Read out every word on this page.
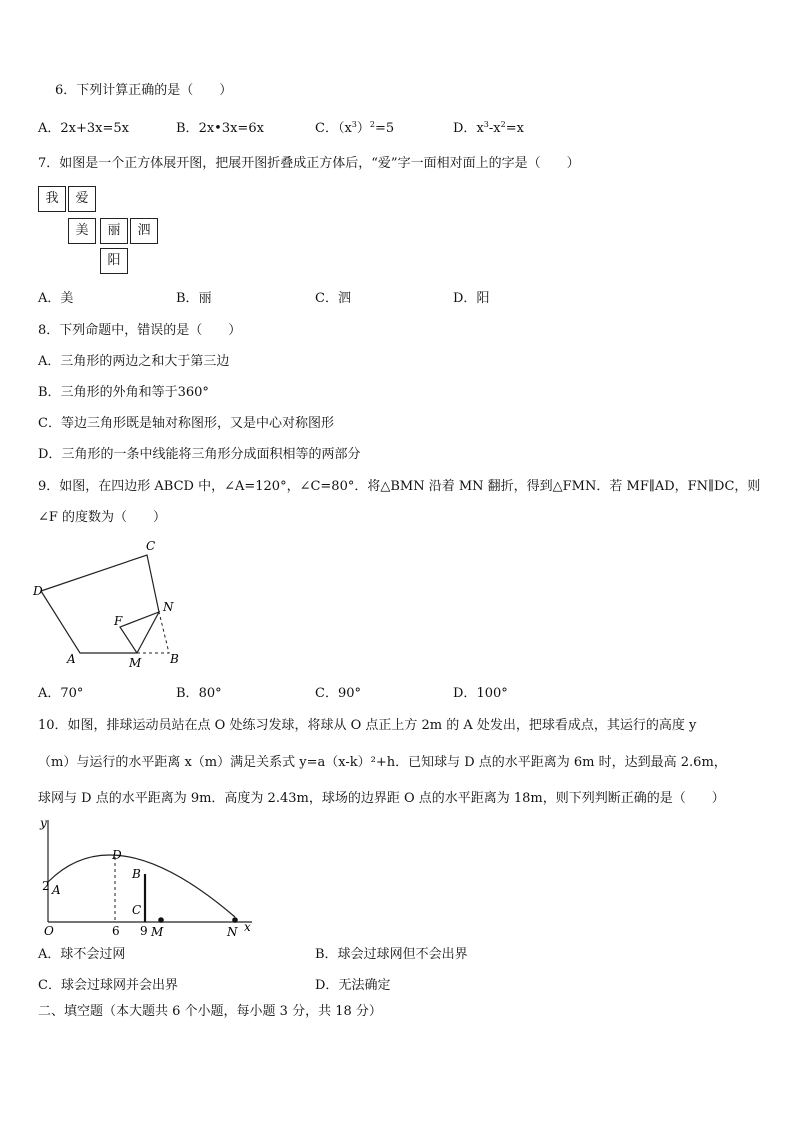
6．下列计算正确的是（　　）
A．2x+3x=5x	B．2x•3x=6x	C．$(x^3)^2=5$	D．$x^3-x^2=x$
7．如图是一个正方体展开图，把展开图折叠成正方体后，“爱”字一面相对面上的字是（　　）
我	爱
美	丽	泗
阳
A．美	B．丽	C．泗	D．阳
8．下列命题中，错误的是（　　）
A．三角形的两边之和大于第三边
B．三角形的外角和等于360°
C．等边三角形既是轴对称图形，又是中心对称图形
D．三角形的一条中线能将三角形分成面积相等的两部分
9．如图，在四边形 ABCD 中，∠A=120°，∠C=80°．将△BMN 沿着 MN 翻折，得到△FMN．若 MF∥AD，FN∥DC，则
∠F 的度数为（　　）
D
C
F
N
A	M B
A．70°	B．80°	C．90°	D．100°
10．如图，排球运动员站在点 O 处练习发球，将球从 O 点正上方 2m 的 A 处发出，把球看成点，其运行的高度 y
（m）与运行的水平距离 x（m）满足关系式 y=a（x-k）²+h．已知球与 D 点的水平距离为 6m 时，达到最高 2.6m，
球网与 D 点的水平距离为 9m．高度为 2.43m，球场的边界距 O 点的水平距离为 18m，则下列判断正确的是（　　）
y
x
O
2 A
D
B
C
6 9 M	N
A．球不会过网	B．球会过球网但不会出界
C．球会过球网并会出界	D．无法确定
二、填空题（本大题共 6 个小题，每小题 3 分，共 18 分）
